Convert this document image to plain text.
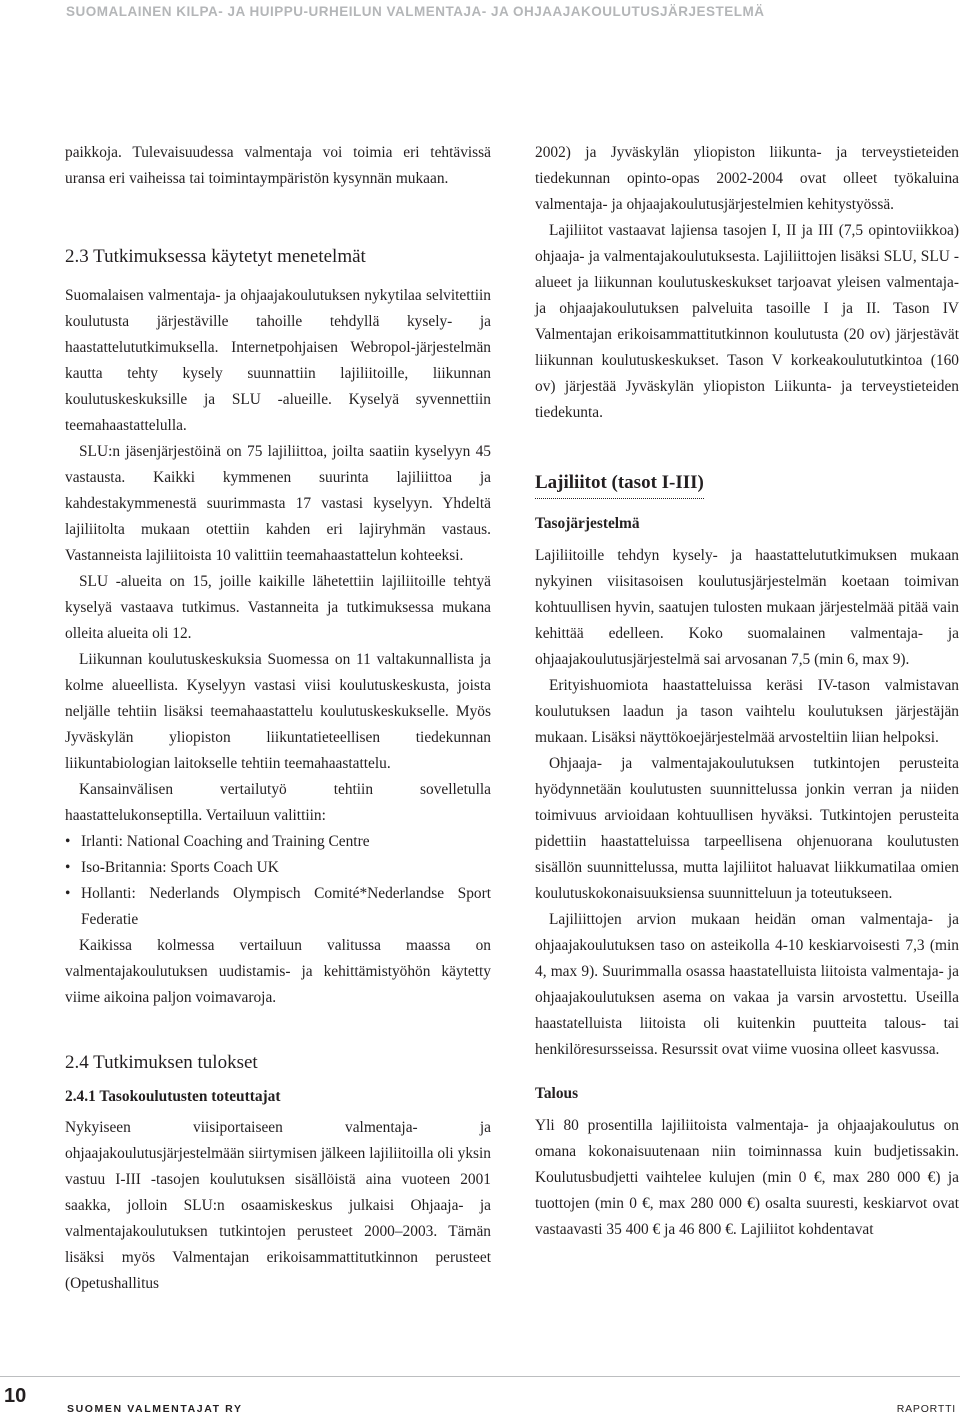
SUOMALAINEN KILPA- JA HUIPPU-URHEILUN VALMENTAJA- JA OHJAAJAKOULUTUSJÄRJESTELMÄ

paikkoja. Tulevaisuudessa valmentaja voi toimia eri tehtävissä uransa eri vaiheissa tai toimintaympäristön kysynnän mukaan.

2.3 Tutkimuksessa käytetyt menetelmät

Suomalaisen valmentaja- ja ohjaajakoulutuksen nykytilaa selvitettiin koulutusta järjestäville tahoille tehdyllä kysely- ja haastattelututkimuksella. Internetpohjaisen Webropol-järjestelmän kautta tehty kysely suunnattiin lajiliitoille, liikunnan koulutuskeskuksille ja SLU -alueille. Kyselyä syvennettiin teemahaastattelulla.

SLU:n jäsenjärjestöinä on 75 lajiliittoa, joilta saatiin kyselyyn 45 vastausta. Kaikki kymmenen suurinta lajiliittoa ja kahdestakymmenestä suurimmasta 17 vastasi kyselyyn. Yhdeltä lajiliitolta mukaan otettiin kahden eri lajiryhmän vastaus. Vastanneista lajiliitoista 10 valittiin teemahaastattelun kohteeksi.

SLU -alueita on 15, joille kaikille lähetettiin lajiliitoille tehtyä kyselyä vastaava tutkimus. Vastanneita ja tutkimuksessa mukana olleita alueita oli 12.

Liikunnan koulutuskeskuksia Suomessa on 11 valtakunnallista ja kolme alueellista. Kyselyyn vastasi viisi koulutuskeskusta, joista neljälle tehtiin lisäksi teemahaastattelu koulutuskeskukselle. Myös Jyväskylän yliopiston liikuntatieteellisen tiedekunnan liikuntabiologian laitokselle tehtiin teemahaastattelu.

Kansainvälisen vertailutyö tehtiin sovelletulla haastattelukonseptilla. Vertailuun valittiin:

• Irlanti: National Coaching and Training Centre
• Iso-Britannia: Sports Coach UK
• Hollanti: Nederlands Olympisch Comité*Nederlandse Sport Federatie

Kaikissa kolmessa vertailuun valitussa maassa on valmentajakoulutuksen uudistamis- ja kehittämistyöhön käytetty viime aikoina paljon voimavaroja.

2.4 Tutkimuksen tulokset
2.4.1 Tasokoulutusten toteuttajat

Nykyiseen viisiportaiseen valmentaja- ja ohjaajakoulutusjärjestelmään siirtymisen jälkeen lajiliitoilla oli yksin vastuu I-III -tasojen koulutuksen sisällöistä aina vuoteen 2001 saakka, jolloin SLU:n osaamiskeskus julkaisi Ohjaaja- ja valmentajakoulutuksen tutkintojen perusteet 2000–2003. Tämän lisäksi myös Valmentajan erikoisammattitutkinnon perusteet (Opetushallitus

2002) ja Jyväskylän yliopiston liikunta- ja terveystieteiden tiedekunnan opinto-opas 2002-2004 ovat olleet työkaluina valmentaja- ja ohjaajakoulutusjärjestelmien kehitystyössä.

Lajiliitot vastaavat lajiensa tasojen I, II ja III (7,5 opintoviikkoa) ohjaaja- ja valmentajakoulutuksesta. Lajiliittojen lisäksi SLU, SLU -alueet ja liikunnan koulutuskeskukset tarjoavat yleisen valmentaja- ja ohjaajakoulutuksen palveluita tasoille I ja II. Tason IV Valmentajan erikoisammattitutkinnon koulutusta (20 ov) järjestävät liikunnan koulutuskeskukset. Tason V korkeakoulututkintoa (160 ov) järjestää Jyväskylän yliopiston Liikunta- ja terveystieteiden tiedekunta.

Lajiliitot (tasot I-III)
Tasojärjestelmä

Lajiliitoille tehdyn kysely- ja haastattelututkimuksen mukaan nykyinen viisitasoisen koulutusjärjestelmän koetaan toimivan kohtuullisen hyvin, saatujen tulosten mukaan järjestelmää pitää vain kehittää edelleen. Koko suomalainen valmentaja- ja ohjaajakoulutusjärjestelmä sai arvosanan 7,5 (min 6, max 9).

Erityishuomiota haastatteluissa keräsi IV-tason valmistavan koulutuksen laadun ja tason vaihtelu koulutuksen järjestäjän mukaan. Lisäksi näyttökoejärjestelmää arvosteltiin liian helpoksi.

Ohjaaja- ja valmentajakoulutuksen tutkintojen perusteita hyödynnetään koulutusten suunnittelussa jonkin verran ja niiden toimivuus arvioidaan kohtuullisen hyväksi. Tutkintojen perusteita pidettiin haastatteluissa tarpeellisena ohjenuorana koulutusten sisällön suunnittelussa, mutta lajiliitot haluavat liikkumatilaa omien koulutuskokonaisuuksiensa suunnitteluun ja toteutukseen.

Lajiliittojen arvion mukaan heidän oman valmentaja- ja ohjaajakoulutuksen taso on asteikolla 4-10 keskiarvoisesti 7,3 (min 4, max 9). Suurimmalla osassa haastatelluista liitoista valmentaja- ja ohjaajakoulutuksen asema on vakaa ja varsin arvostettu. Useilla haastatelluista liitoista oli kuitenkin puutteita talous- tai henkilöresursseissa. Resurssit ovat viime vuosina olleet kasvussa.

Talous

Yli 80 prosentilla lajiliitoista valmentaja- ja ohjaajakoulutus on omana kokonaisuutenaan niin toiminnassa kuin budjetissakin. Koulutusbudjetti vaihtelee kulujen (min 0 €, max 280 000 €) ja tuottojen (min 0 €, max 280 000 €) osalta suuresti, keskiarvot ovat vastaavasti 35 400 € ja 46 800 €. Lajiliitot kohdentavat

10
SUOMEN VALMENTAJAT RY	RAPORTTI
